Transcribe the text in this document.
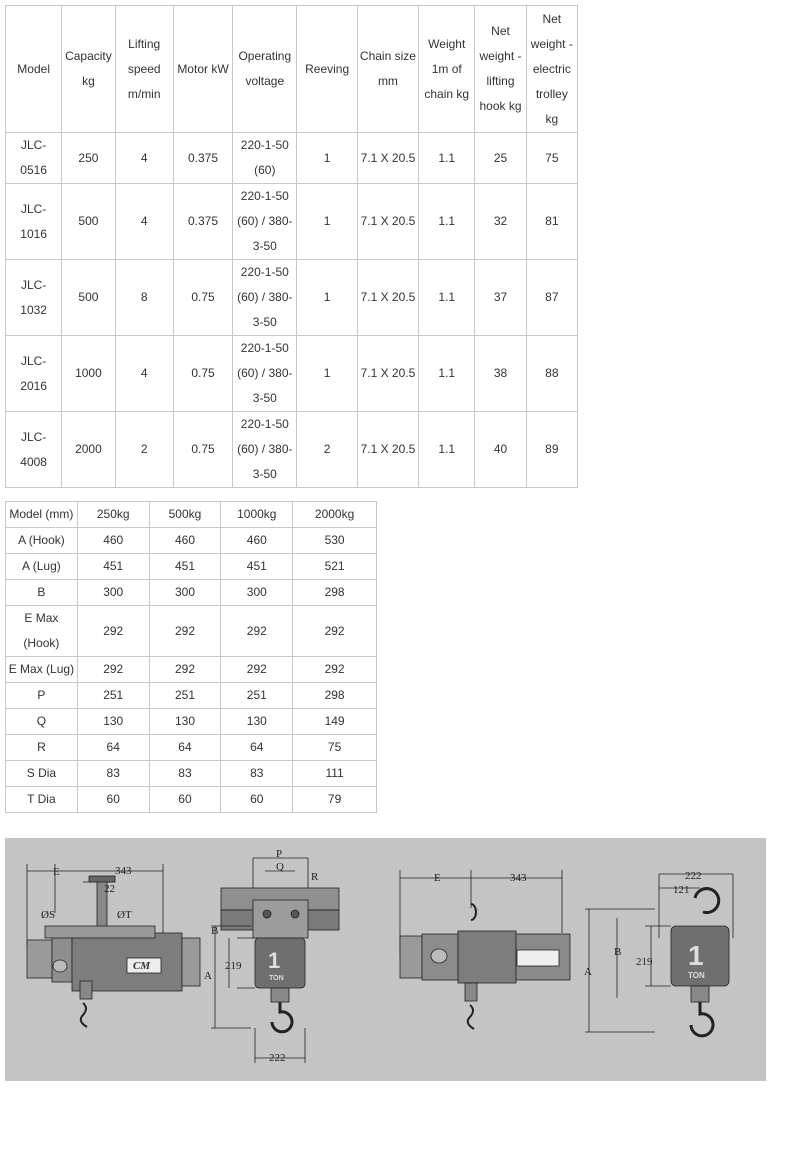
Model	Capacity kg	Lifting speed m/min	Motor kW	Operating voltage	Reeving	Chain size mm	Weight 1m of chain kg	Net weight - lifting hook kg	Net weight - electric trolley kg
JLC-0516	250	4	0.375	220-1-50 (60)	1	7.1 X 20.5	1.1	25	75
JLC-1016	500	4	0.375	220-1-50 (60) / 380-3-50	1	7.1 X 20.5	1.1	32	81
JLC-1032	500	8	0.75	220-1-50 (60) / 380-3-50	1	7.1 X 20.5	1.1	37	87
JLC-2016	1000	4	0.75	220-1-50 (60) / 380-3-50	1	7.1 X 20.5	1.1	38	88
JLC-4008	2000	2	0.75	220-1-50 (60) / 380-3-50	2	7.1 X 20.5	1.1	40	89
Model (mm)	250kg	500kg	1000kg	2000kg
A (Hook)	460	460	460	530
A (Lug)	451	451	451	521
B	300	300	300	298
E Max (Hook)	292	292	292	292
E Max (Lug)	292	292	292	292
P	251	251	251	298
Q	130	130	130	149
R	64	64	64	75
S Dia	83	83	83	111
T Dia	60	60	60	79
E	343
22
ØS	ØT
CM
P
Q
R
A
B
219
222
1
TON
E	343	222
121
B
A
219 1
TON
